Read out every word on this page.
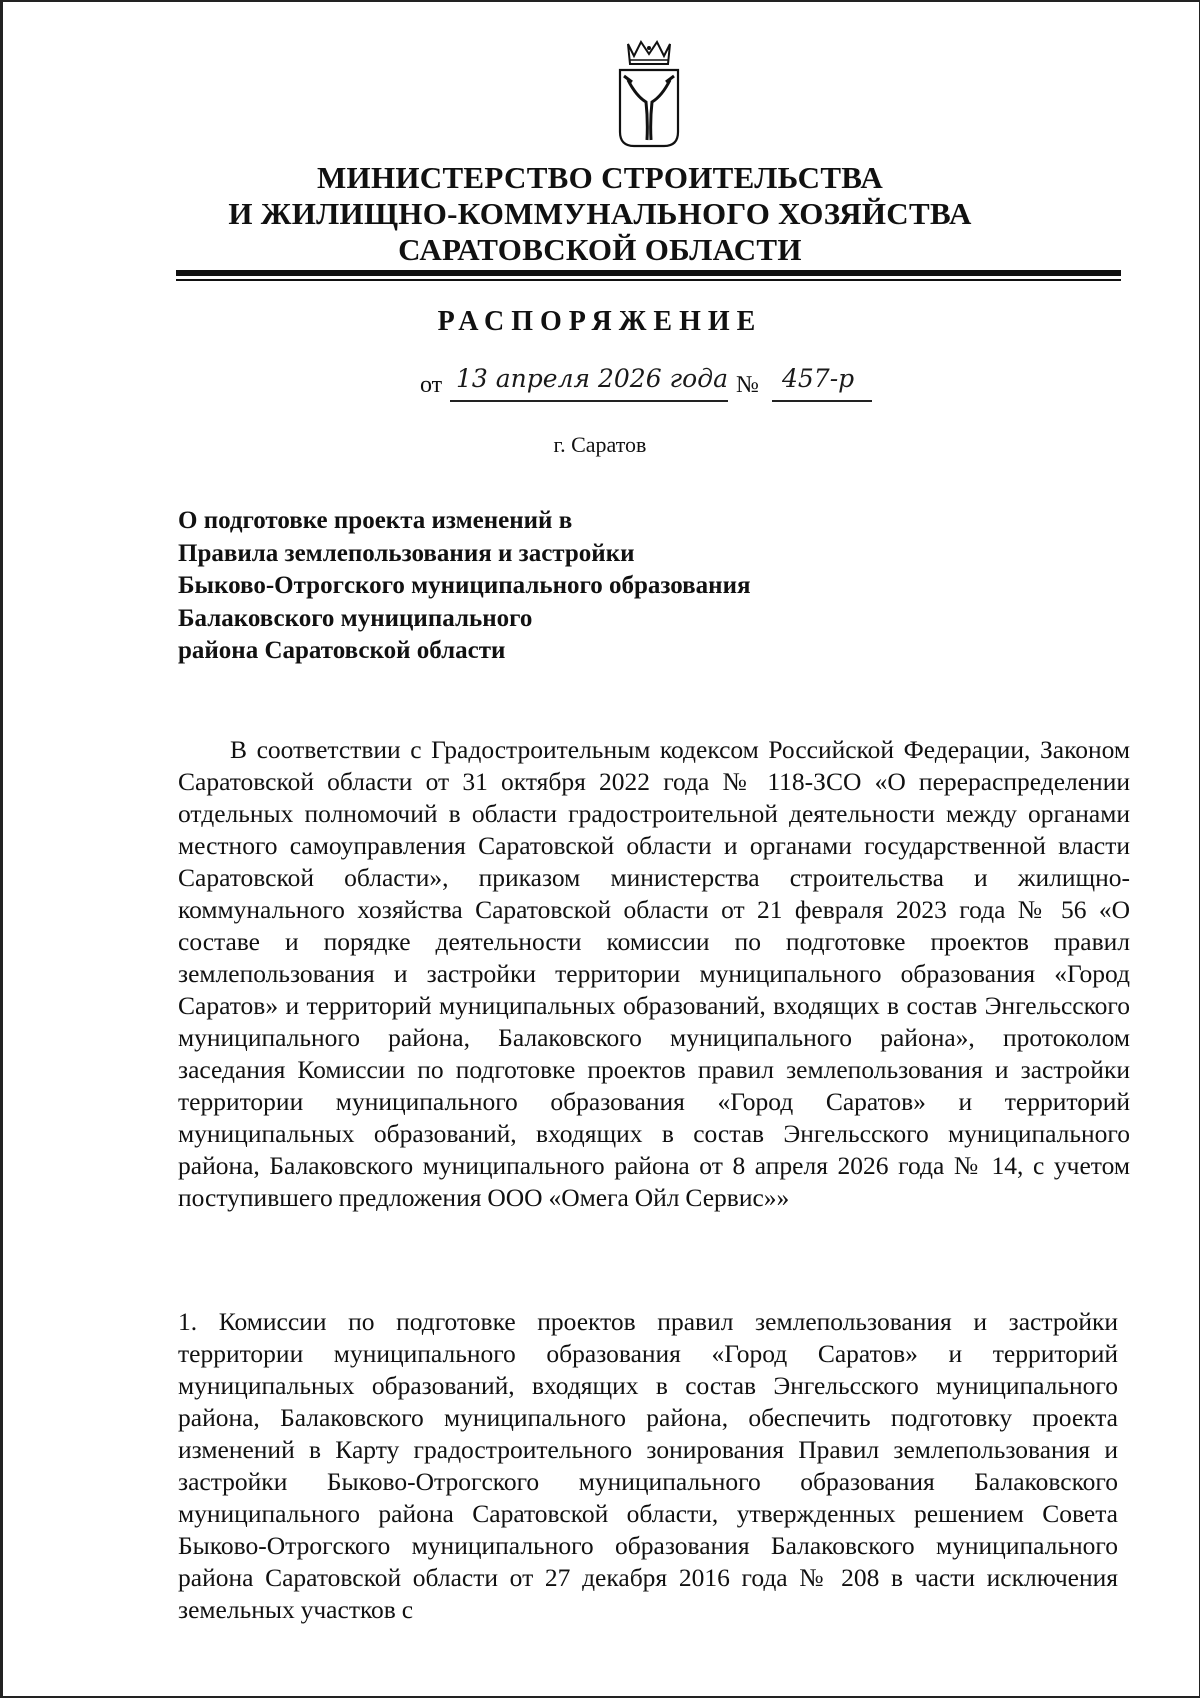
МИНИСТЕРСТВО СТРОИТЕЛЬСТВА
И ЖИЛИЩНО-КОММУНАЛЬНОГО ХОЗЯЙСТВА
САРАТОВСКОЙ ОБЛАСТИ
РАСПОРЯЖЕНИЕ
от 13 апреля 2026 года № 457-р
г. Саратов
О подготовке проекта изменений в
Правила землепользования и застройки
Быково-Отрогского муниципального образования
Балаковского муниципального
района Саратовской области
В соответствии с Градостроительным кодексом Российской Федерации, Законом Саратовской области от 31 октября 2022 года № 118-ЗСО «О перераспределении отдельных полномочий в области градостроительной деятельности между органами местного самоуправления Саратовской области и органами государственной власти Саратовской области», приказом министерства строительства и жилищно-коммунального хозяйства Саратовской области от 21 февраля 2023 года № 56 «О составе и порядке деятельности комиссии по подготовке проектов правил землепользования и застройки территории муниципального образования «Город Саратов» и территорий муниципальных образований, входящих в состав Энгельсского муниципального района, Балаковского муниципального района», протоколом заседания Комиссии по подготовке проектов правил землепользования и застройки территории муниципального образования «Город Саратов» и территорий муниципальных образований, входящих в состав Энгельсского муниципального района, Балаковского муниципального района от 8 апреля 2026 года № 14, с учетом поступившего предложения ООО «Омега Ойл Сервис»»
1. Комиссии по подготовке проектов правил землепользования и застройки территории муниципального образования «Город Саратов» и территорий муниципальных образований, входящих в состав Энгельсского муниципального района, Балаковского муниципального района, обеспечить подготовку проекта изменений в Карту градостроительного зонирования Правил землепользования и застройки Быково-Отрогского муниципального образования Балаковского муниципального района Саратовской области, утвержденных решением Совета Быково-Отрогского муниципального образования Балаковского муниципального района Саратовской области от 27 декабря 2016 года № 208 в части исключения земельных участков с
